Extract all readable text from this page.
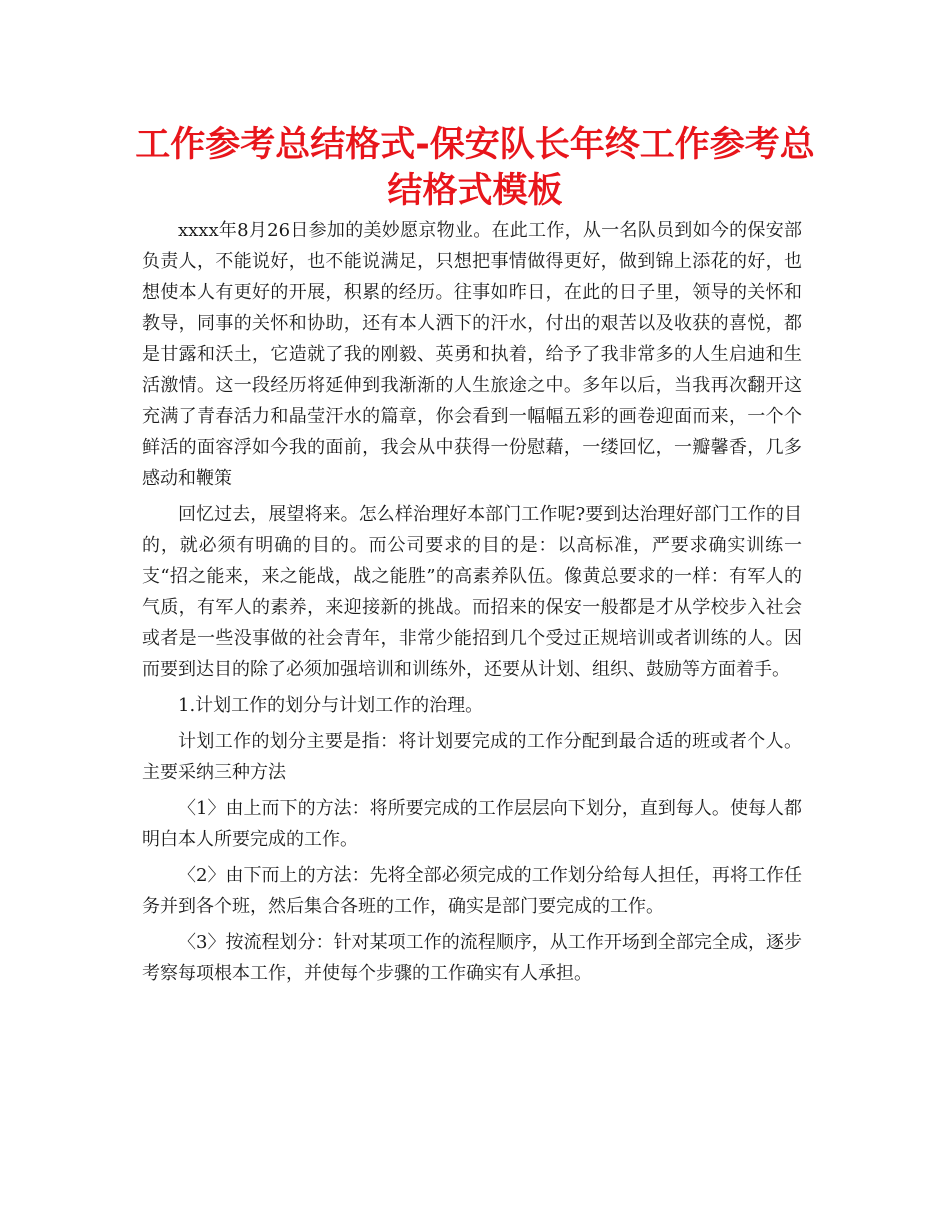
工作参考总结格式-保安队长年终工作参考总结格式模板

xxxx年8月26日参加的美妙愿京物业。在此工作，从一名队员到如今的保安部负责人，不能说好，也不能说满足，只想把事情做得更好，做到锦上添花的好，也想使本人有更好的开展，积累的经历。往事如昨日，在此的日子里，领导的关怀和教导，同事的关怀和协助，还有本人洒下的汗水，付出的艰苦以及收获的喜悦，都是甘露和沃土，它造就了我的刚毅、英勇和执着，给予了我非常多的人生启迪和生活激情。这一段经历将延伸到我渐渐的人生旅途之中。多年以后，当我再次翻开这充满了青春活力和晶莹汗水的篇章，你会看到一幅幅五彩的画卷迎面而来，一个个鲜活的面容浮如今我的面前，我会从中获得一份慰藉，一缕回忆，一瓣馨香，几多感动和鞭策

回忆过去，展望将来。怎么样治理好本部门工作呢?要到达治理好部门工作的目的，就必须有明确的目的。而公司要求的目的是：以高标准，严要求确实训练一支“招之能来，来之能战，战之能胜”的高素养队伍。像黄总要求的一样：有军人的气质，有军人的素养，来迎接新的挑战。而招来的保安一般都是才从学校步入社会或者是一些没事做的社会青年，非常少能招到几个受过正规培训或者训练的人。因而要到达目的除了必须加强培训和训练外，还要从计划、组织、鼓励等方面着手。

1.计划工作的划分与计划工作的治理。

计划工作的划分主要是指：将计划要完成的工作分配到最合适的班或者个人。主要采纳三种方法

〈1〉由上而下的方法：将所要完成的工作层层向下划分，直到每人。使每人都明白本人所要完成的工作。

〈2〉由下而上的方法：先将全部必须完成的工作划分给每人担任，再将工作任务并到各个班，然后集合各班的工作，确实是部门要完成的工作。

〈3〉按流程划分：针对某项工作的流程顺序，从工作开场到全部完全成，逐步考察每项根本工作，并使每个步骤的工作确实有人承担。
